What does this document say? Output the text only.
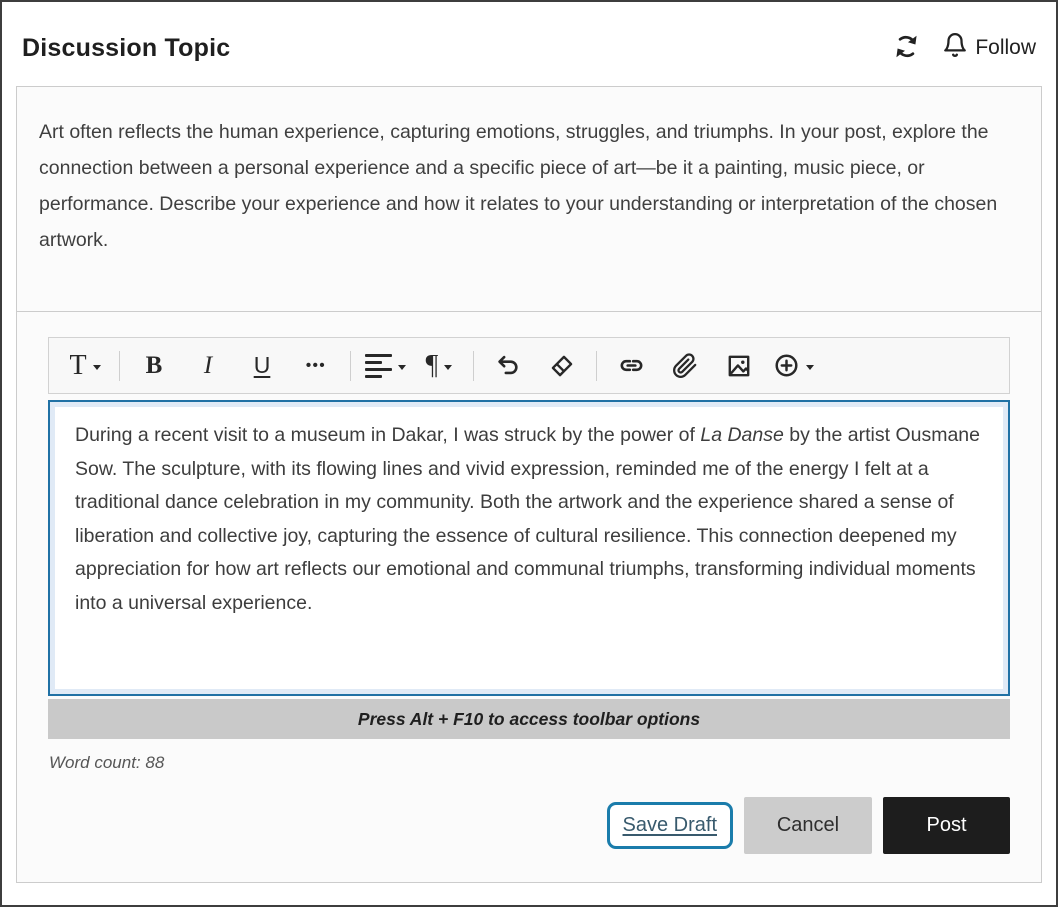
Discussion Topic	Follow

Art often reflects the human experience, capturing emotions, struggles, and triumphs. In your post, explore the connection between a personal experience and a specific piece of art—be it a painting, music piece, or performance. Describe your experience and how it relates to your understanding or interpretation of the chosen artwork.

T B I U •••	¶

During a recent visit to a museum in Dakar, I was struck by the power of La Danse by the artist Ousmane Sow. The sculpture, with its flowing lines and vivid expression, reminded me of the energy I felt at a traditional dance celebration in my community. Both the artwork and the experience shared a sense of liberation and collective joy, capturing the essence of cultural resilience. This connection deepened my appreciation for how art reflects our emotional and communal triumphs, transforming individual moments into a universal experience.

Press Alt + F10 to access toolbar options
Word count: 88
Save Draft	Cancel	Post
